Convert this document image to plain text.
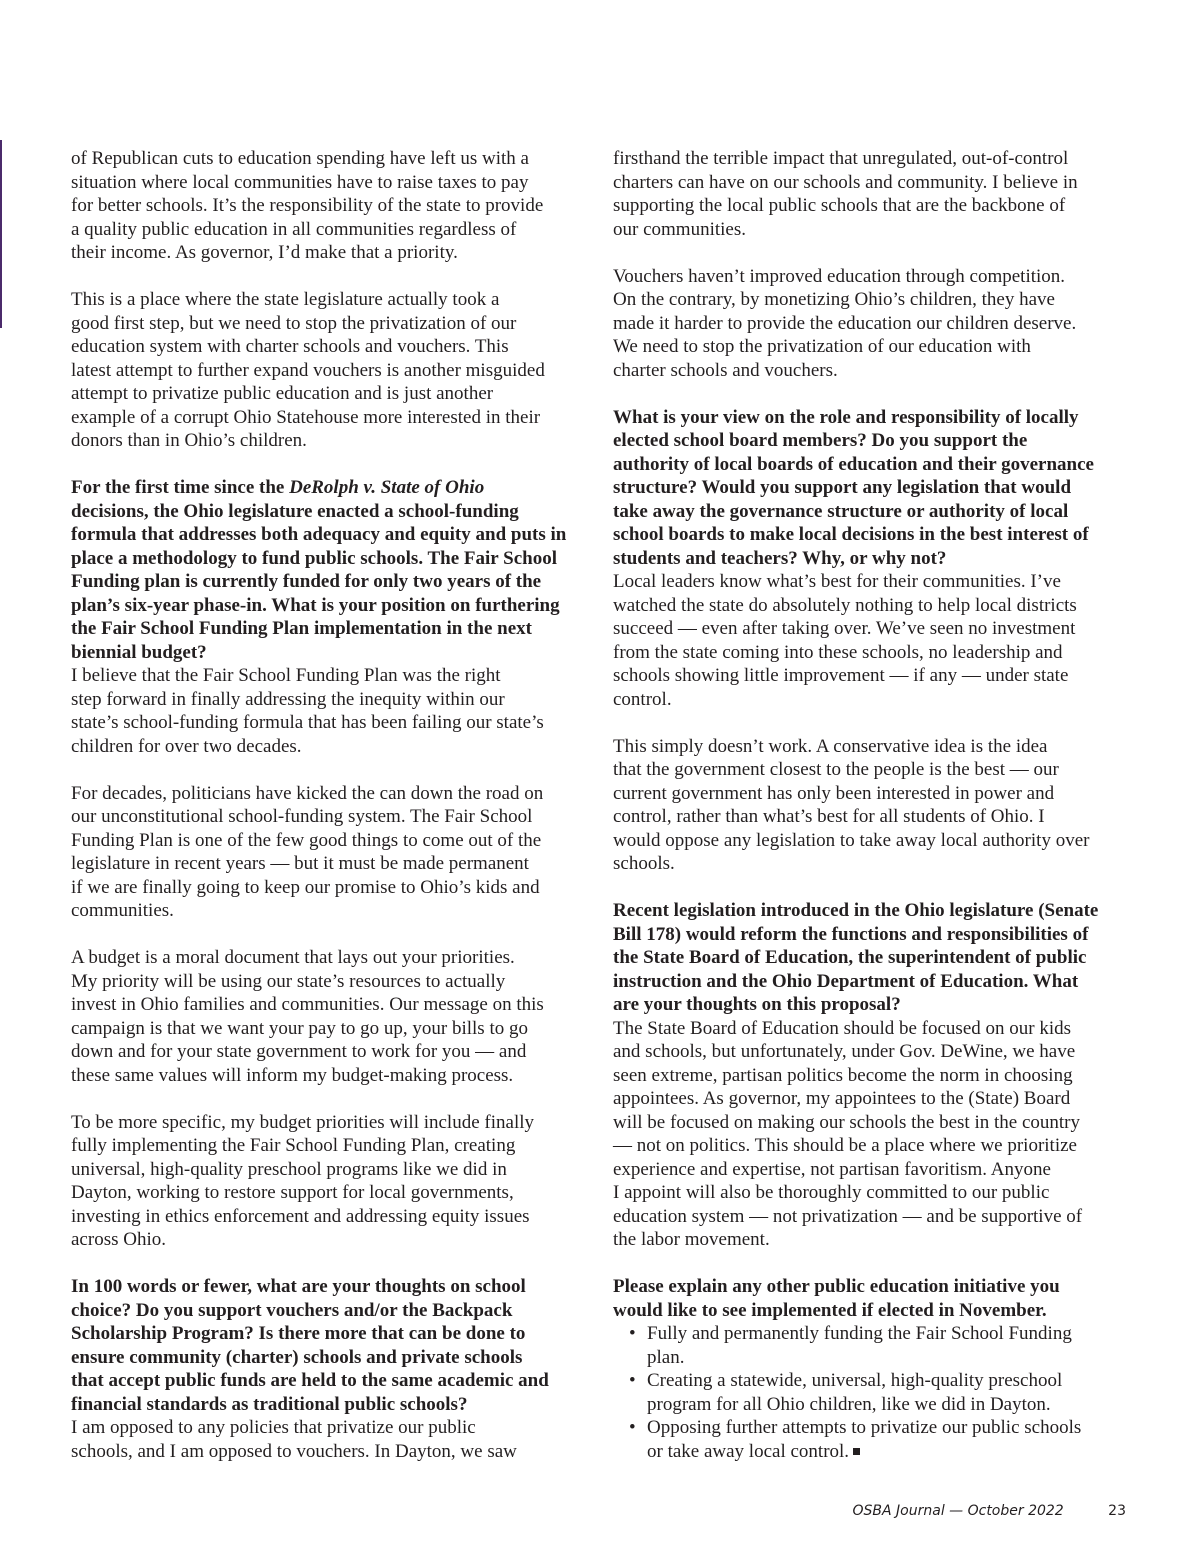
of Republican cuts to education spending have left us with a
situation where local communities have to raise taxes to pay
for better schools. It’s the responsibility of the state to provide
a quality public education in all communities regardless of
their income. As governor, I’d make that a priority.

This is a place where the state legislature actually took a
good first step, but we need to stop the privatization of our
education system with charter schools and vouchers. This
latest attempt to further expand vouchers is another misguided
attempt to privatize public education and is just another
example of a corrupt Ohio Statehouse more interested in their
donors than in Ohio’s children.

For the first time since the DeRolph v. State of Ohio
decisions, the Ohio legislature enacted a school-funding
formula that addresses both adequacy and equity and puts in
place a methodology to fund public schools. The Fair School
Funding plan is currently funded for only two years of the
plan’s six-year phase-in. What is your position on furthering
the Fair School Funding Plan implementation in the next
biennial budget?

I believe that the Fair School Funding Plan was the right
step forward in finally addressing the inequity within our
state’s school-funding formula that has been failing our state’s
children for over two decades.

For decades, politicians have kicked the can down the road on
our unconstitutional school-funding system. The Fair School
Funding Plan is one of the few good things to come out of the
legislature in recent years — but it must be made permanent
if we are finally going to keep our promise to Ohio’s kids and
communities.

A budget is a moral document that lays out your priorities.
My priority will be using our state’s resources to actually
invest in Ohio families and communities. Our message on this
campaign is that we want your pay to go up, your bills to go
down and for your state government to work for you — and
these same values will inform my budget-making process.

To be more specific, my budget priorities will include finally
fully implementing the Fair School Funding Plan, creating
universal, high-quality preschool programs like we did in
Dayton, working to restore support for local governments,
investing in ethics enforcement and addressing equity issues
across Ohio.

In 100 words or fewer, what are your thoughts on school
choice? Do you support vouchers and/or the Backpack
Scholarship Program? Is there more that can be done to
ensure community (charter) schools and private schools
that accept public funds are held to the same academic and
financial standards as traditional public schools?

I am opposed to any policies that privatize our public
schools, and I am opposed to vouchers. In Dayton, we saw

firsthand the terrible impact that unregulated, out-of-control
charters can have on our schools and community. I believe in
supporting the local public schools that are the backbone of
our communities.

Vouchers haven’t improved education through competition.
On the contrary, by monetizing Ohio’s children, they have
made it harder to provide the education our children deserve.
We need to stop the privatization of our education with
charter schools and vouchers.

What is your view on the role and responsibility of locally
elected school board members? Do you support the
authority of local boards of education and their governance
structure? Would you support any legislation that would
take away the governance structure or authority of local
school boards to make local decisions in the best interest of
students and teachers? Why, or why not?

Local leaders know what’s best for their communities. I’ve
watched the state do absolutely nothing to help local districts
succeed — even after taking over. We’ve seen no investment
from the state coming into these schools, no leadership and
schools showing little improvement — if any — under state
control.

This simply doesn’t work. A conservative idea is the idea
that the government closest to the people is the best — our
current government has only been interested in power and
control, rather than what’s best for all students of Ohio. I
would oppose any legislation to take away local authority over
schools.

Recent legislation introduced in the Ohio legislature (Senate
Bill 178) would reform the functions and responsibilities of
the State Board of Education, the superintendent of public
instruction and the Ohio Department of Education. What
are your thoughts on this proposal?

The State Board of Education should be focused on our kids
and schools, but unfortunately, under Gov. DeWine, we have
seen extreme, partisan politics become the norm in choosing
appointees. As governor, my appointees to the (State) Board
will be focused on making our schools the best in the country
— not on politics. This should be a place where we prioritize
experience and expertise, not partisan favoritism. Anyone
I appoint will also be thoroughly committed to our public
education system — not privatization — and be supportive of
the labor movement.

Please explain any other public education initiative you
would like to see implemented if elected in November.

• Fully and permanently funding the Fair School Funding
plan.
• Creating a statewide, universal, high-quality preschool
program for all Ohio children, like we did in Dayton.
• Opposing further attempts to privatize our public schools
or take away local control.
OSBA Journal — October 2022	23
